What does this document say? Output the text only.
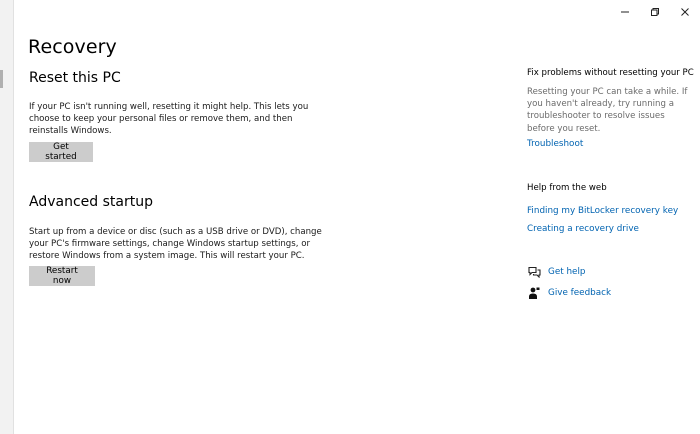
Recovery
Reset this PC

If your PC isn't running well, resetting it might help. This lets you choose to keep your personal files or remove them, and then reinstalls Windows.

Get started
Advanced startup

Start up from a device or disc (such as a USB drive or DVD), change your PC's firmware settings, change Windows startup settings, or restore Windows from a system image. This will restart your PC.

Restart now
Fix problems without resetting your PC

Resetting your PC can take a while. If you haven't already, try running a troubleshooter to resolve issues before you reset.

Troubleshoot
Help from the web
Finding my BitLocker recovery key
Creating a recovery drive
Get help
Give feedback
